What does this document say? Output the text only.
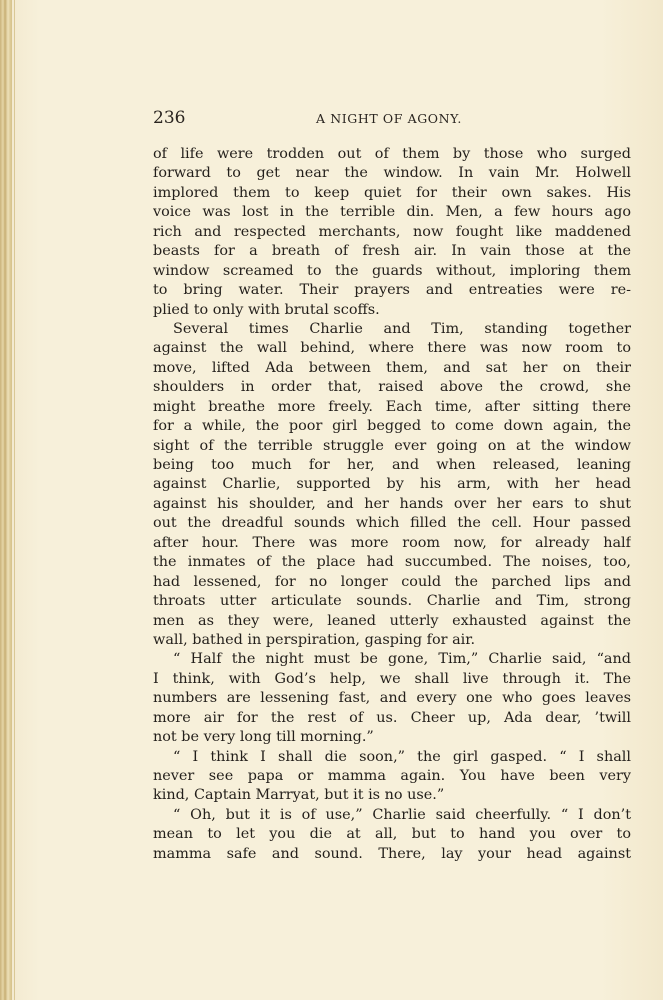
236	A NIGHT OF AGONY.
of life were trodden out of them by those who surged
forward to get near the window. In vain Mr. Holwell
implored them to keep quiet for their own sakes. His
voice was lost in the terrible din. Men, a few hours ago
rich and respected merchants, now fought like maddened
beasts for a breath of fresh air. In vain those at the
window screamed to the guards without, imploring them
to bring water. Their prayers and entreaties were re-
plied to only with brutal scoffs.
Several times Charlie and Tim, standing together
against the wall behind, where there was now room to
move, lifted Ada between them, and sat her on their
shoulders in order that, raised above the crowd, she
might breathe more freely. Each time, after sitting there
for a while, the poor girl begged to come down again, the
sight of the terrible struggle ever going on at the window
being too much for her, and when released, leaning
against Charlie, supported by his arm, with her head
against his shoulder, and her hands over her ears to shut
out the dreadful sounds which filled the cell. Hour passed
after hour. There was more room now, for already half
the inmates of the place had succumbed. The noises, too,
had lessened, for no longer could the parched lips and
throats utter articulate sounds. Charlie and Tim, strong
men as they were, leaned utterly exhausted against the
wall, bathed in perspiration, gasping for air.
“ Half the night must be gone, Tim,” Charlie said, “and
I think, with God’s help, we shall live through it. The
numbers are lessening fast, and every one who goes leaves
more air for the rest of us. Cheer up, Ada dear, ’twill
not be very long till morning.”
“ I think I shall die soon,” the girl gasped. “ I shall
never see papa or mamma again. You have been very
kind, Captain Marryat, but it is no use.”
“ Oh, but it is of use,” Charlie said cheerfully. “ I don’t
mean to let you die at all, but to hand you over to
mamma safe and sound. There, lay your head against
